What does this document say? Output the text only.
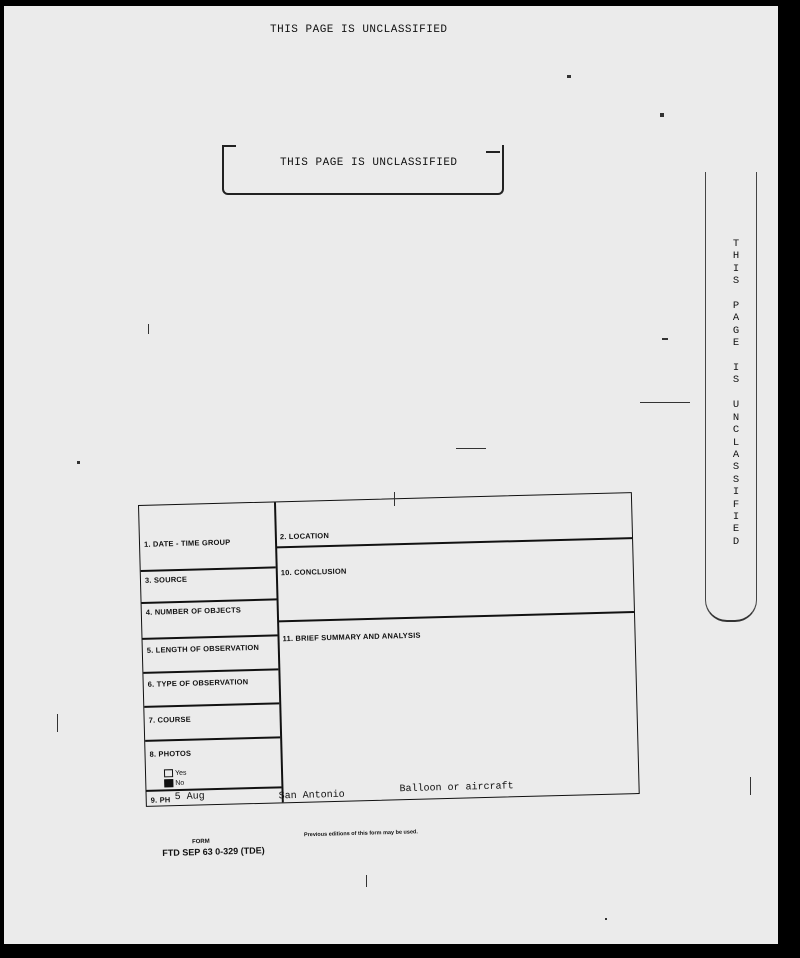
THIS PAGE IS UNCLASSIFIED
THIS PAGE IS UNCLASSIFIED
T
H
I
S

P
A
G
E

I
S

U
N
C
L
A
S
S
I
F
I
E
D
1. DATE - TIME GROUP
3. SOURCE
4. NUMBER OF OBJECTS
5. LENGTH OF OBSERVATION
6. TYPE OF OBSERVATION
7. COURSE
8. PHOTOS
Yes
No
9. PH 5 Aug
2. LOCATION
10. CONCLUSION
11. BRIEF SUMMARY AND ANALYSIS
San Antonio
Balloon or aircraft
FORM
FTD SEP 63 0-329 (TDE)
Previous editions of this form may be used.
